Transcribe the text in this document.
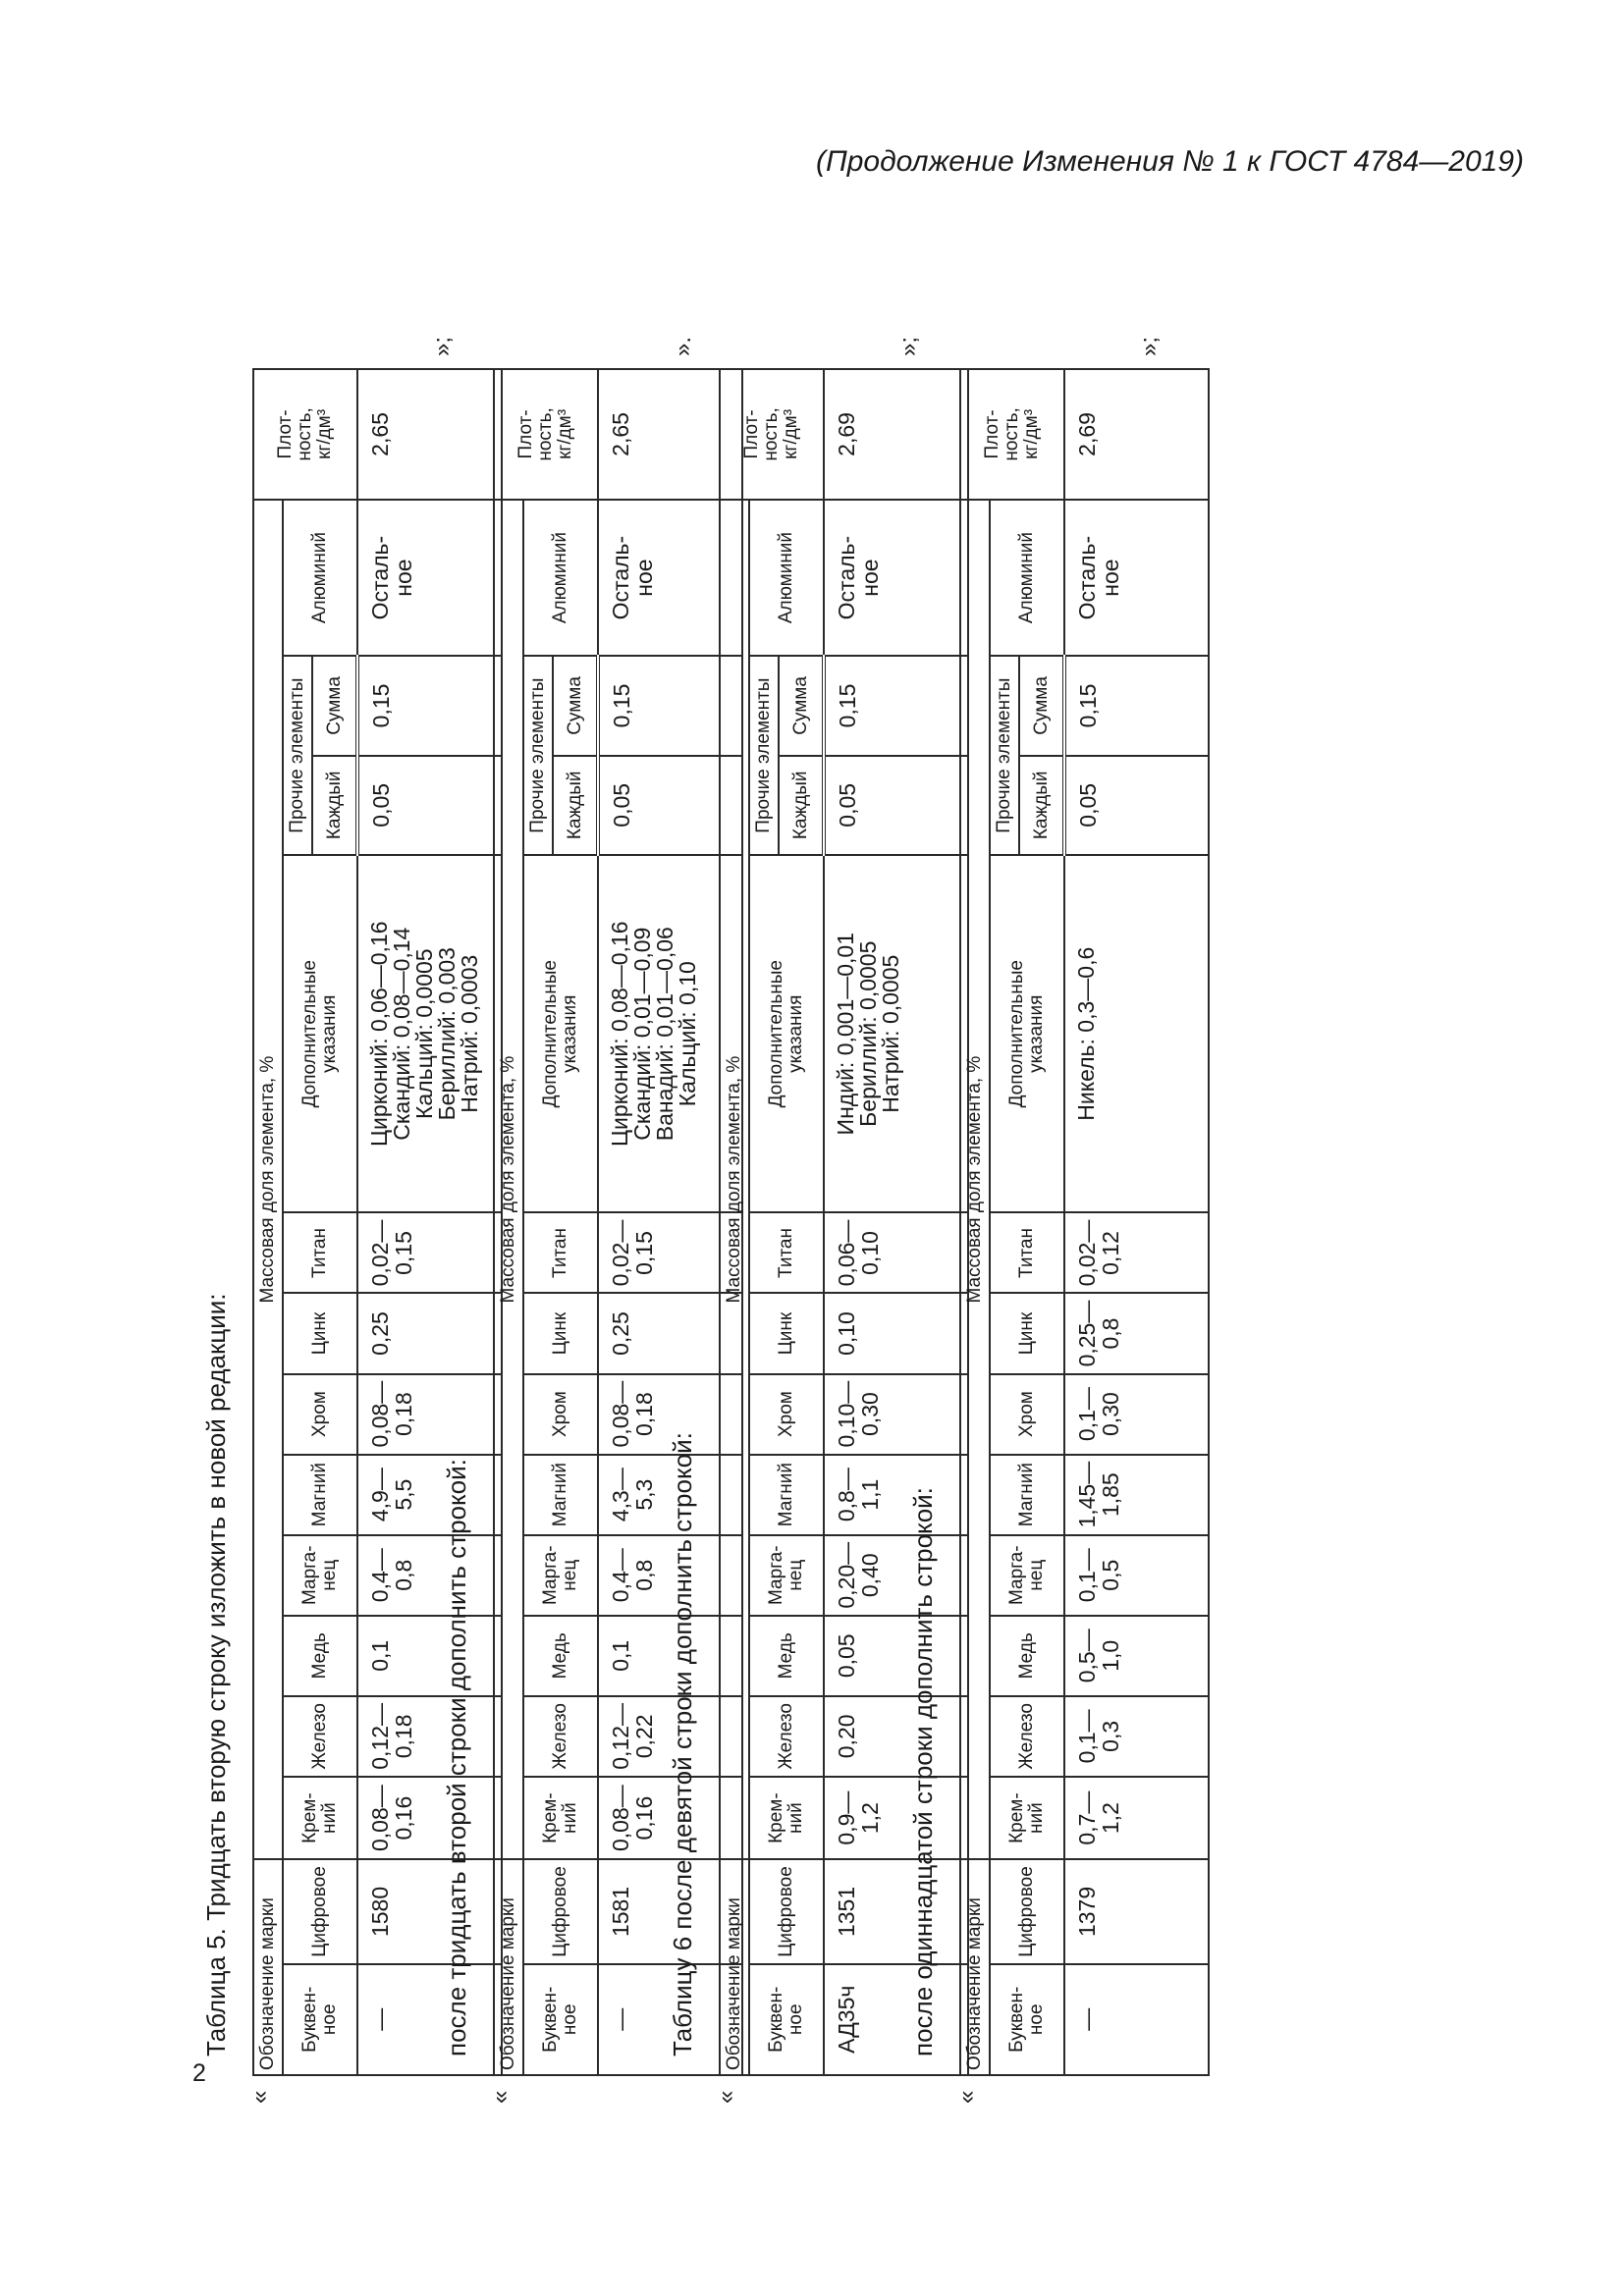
(Продолжение Изменения № 1 к ГОСТ 4784—2019)
2
Таблица 5. Тридцать вторую строку изложить в новой редакции:
«
Обозначение марки		Массовая доля элемента, %												Плот-
ность,
кг/дм³
Буквен-
ное	Цифровое	Крем-
ний	Железо	Медь	Марга-
нец	Магний	Хром	Цинк	Титан	Дополнительные
указания	Прочие элементы		Алюминий	
											Каждый	Сумма		
—	1580	0,08—
0,16	0,12—
0,18	0,1	0,4—
0,8	4,9—
5,5	0,08—
0,18	0,25	0,02—
0,15	Цирконий: 0,06—0,16
Скандий: 0,08—0,14
Кальций: 0,0005
Бериллий: 0,003
Натрий: 0,0003	0,05	0,15	Осталь-
ное	2,65
»;
после тридцать второй строки дополнить строкой:
«
Обозначение марки		Массовая доля элемента, %												Плот-
ность,
кг/дм³
Буквен-
ное	Цифровое	Крем-
ний	Железо	Медь	Марга-
нец	Магний	Хром	Цинк	Титан	Дополнительные
указания	Прочие элементы		Алюминий	
											Каждый	Сумма		
—	1581	0,08—
0,16	0,12—
0,22	0,1	0,4—
0,8	4,3—
5,3	0,08—
0,18	0,25	0,02—
0,15	Цирконий: 0,08—0,16
Скандий: 0,01—0,09
Ванадий: 0,01—0,06
Кальций: 0,10	0,05	0,15	Осталь-
ное	2,65
».
Таблицу 6 после девятой строки дополнить строкой:
«
Обозначение марки		Массовая доля элемента, %												Плот-
ность,
кг/дм³
Буквен-
ное	Цифровое	Крем-
ний	Железо	Медь	Марга-
нец	Магний	Хром	Цинк	Титан	Дополнительные
указания	Прочие элементы		Алюминий	
											Каждый	Сумма		
АД35ч	1351	0,9—
1,2	0,20	0,05	0,20—
0,40	0,8—
1,1	0,10—
0,30	0,10	0,06—
0,10	Индий: 0,001—0,01
Бериллий: 0,0005
Натрий: 0,0005	0,05	0,15	Осталь-
ное	2,69
»;
после одиннадцатой строки дополнить строкой:
«
Обозначение марки		Массовая доля элемента, %												Плот-
ность,
кг/дм³
Буквен-
ное	Цифровое	Крем-
ний	Железо	Медь	Марга-
нец	Магний	Хром	Цинк	Титан	Дополнительные
указания	Прочие элементы		Алюминий	
											Каждый	Сумма		
—	1379	0,7—
1,2	0,1—
0,3	0,5—
1,0	0,1—
0,5	1,45—
1,85	0,1—
0,30	0,25—
0,8	0,02—
0,12	Никель: 0,3—0,6	0,05	0,15	Осталь-
ное	2,69
»;
